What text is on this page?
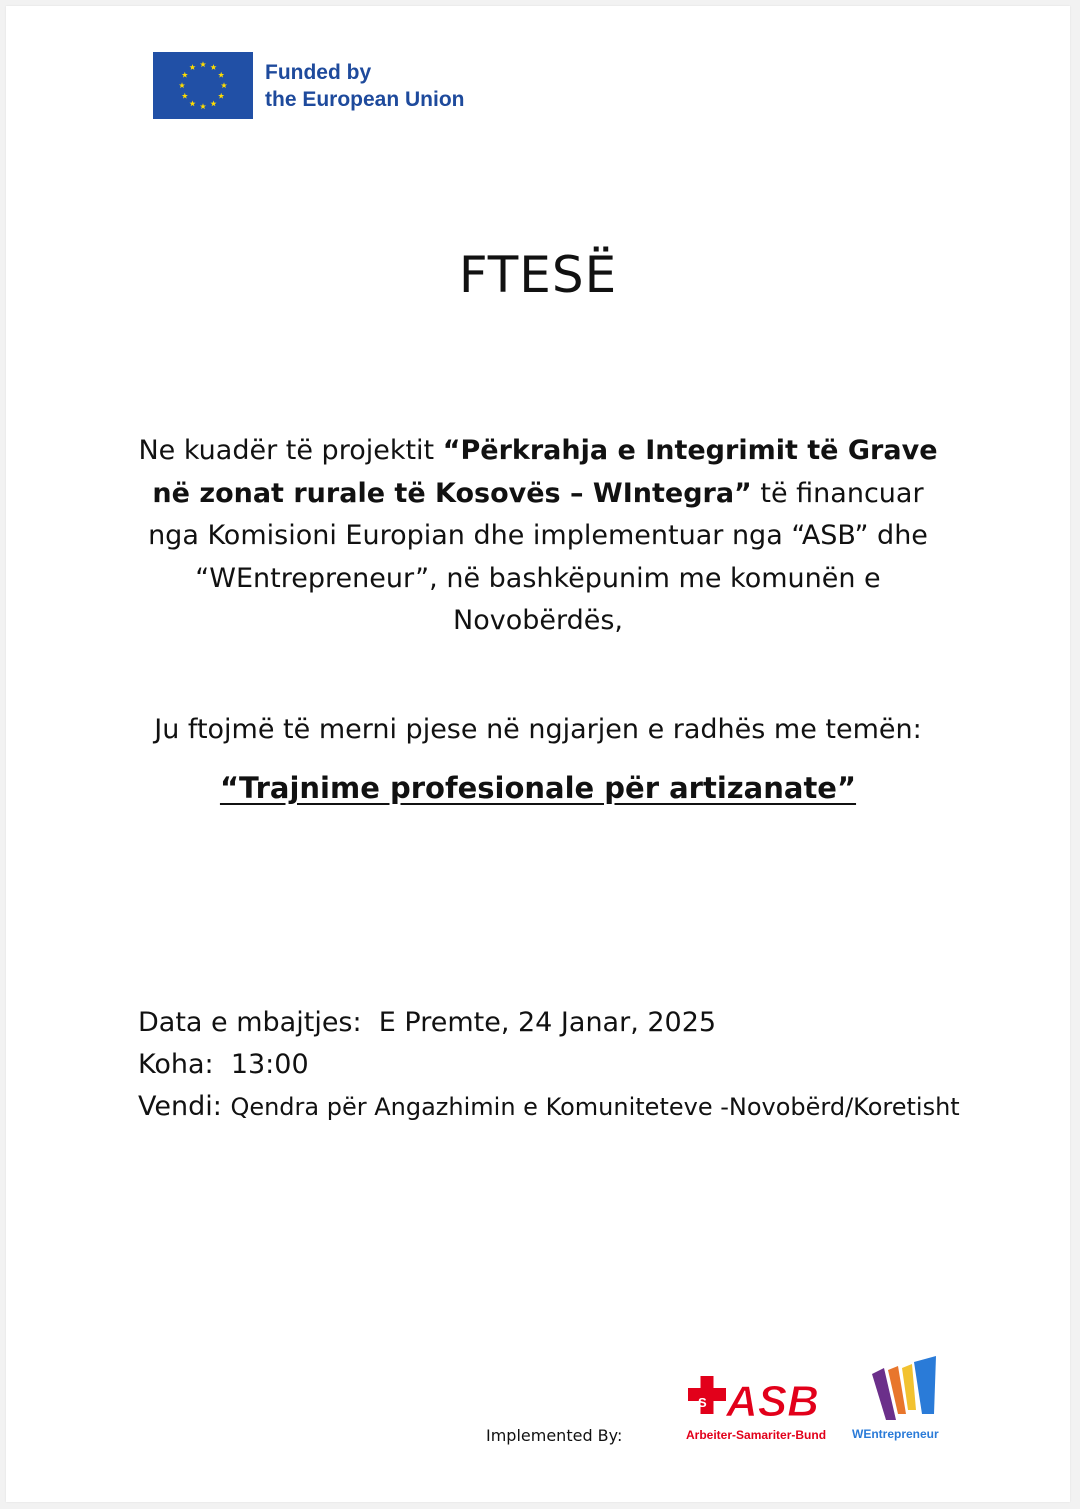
Funded by
the European Union
FTESË
Ne kuadër të projektit “Përkrahja e Integrimit të Grave në zonat rurale të Kosovës – WIntegra” të financuar nga Komisioni Europian dhe implementuar nga “ASB” dhe “WEntrepreneur”, në bashkëpunim me komunën e Novobërdës,
Ju ftojmë të merni pjese në ngjarjen e radhës me temën:
“Trajnime profesionale për artizanate”
Data e mbajtjes: E Premte, 24 Janar, 2025
Koha: 13:00
Vendi: Qendra për Angazhimin e Komuniteteve -Novobërd/Koretisht
Implemented By:
S ASB
Arbeiter-Samariter-Bund WEntrepreneur
